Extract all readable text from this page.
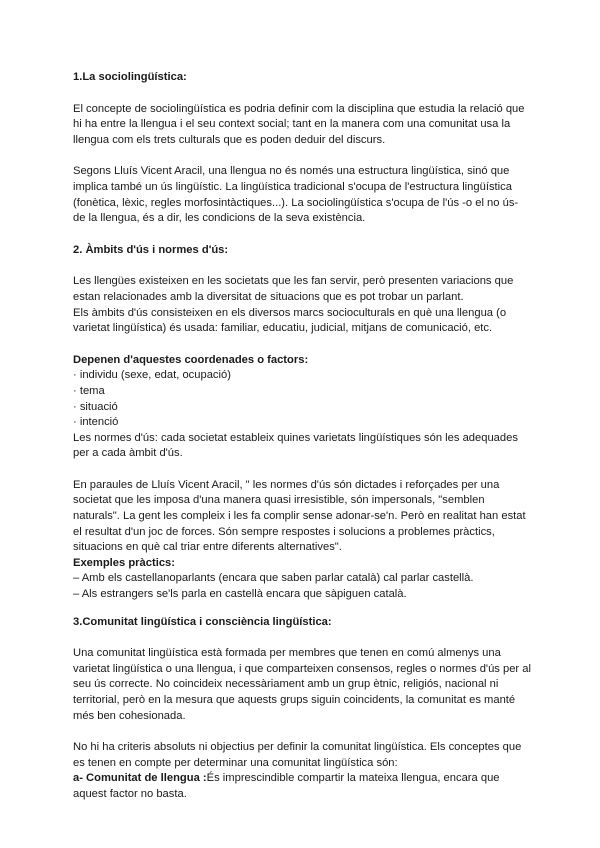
1.La sociolingüística:

El concepte de sociolingüística es podria definir com la disciplina que estudia la relació que
hi ha entre la llengua i el seu context social; tant en la manera com una comunitat usa la
llengua com els trets culturals que es poden deduir del discurs.

Segons Lluís Vicent Aracil, una llengua no és només una estructura lingüística, sinó que
implica també un ús lingüístic. La lingüística tradicional s'ocupa de l'estructura lingüística
(fonètica, lèxic, regles morfosintàctiques...). La sociolingüística s'ocupa de l'ús -o el no ús-
de la llengua, és a dir, les condicions de la seva existència.

2. Àmbits d'ús i normes d'ús:

Les llengües existeixen en les societats que les fan servir, però presenten variacions que
estan relacionades amb la diversitat de situacions que es pot trobar un parlant.
Els àmbits d'ús consisteixen en els diversos marcs socioculturals en què una llengua (o
varietat lingüística) és usada: familiar, educatiu, judicial, mitjans de comunicació, etc.

Depenen d'aquestes coordenades o factors:
· individu (sexe, edat, ocupació)
· tema
· situació
· intenció
Les normes d'ús: cada societat estableix quines varietats lingüístiques són les adequades
per a cada àmbit d'ús.

En paraules de Lluís Vicent Aracil, " les normes d'ús són dictades i reforçades per una
societat que les imposa d'una manera quasi irresistible, són impersonals, "semblen
naturals". La gent les compleix i les fa complir sense adonar-se'n. Però en realitat han estat
el resultat d'un joc de forces. Són sempre respostes i solucions a problemes pràctics,
situacions en què cal triar entre diferents alternatives".
Exemples pràctics:
– Amb els castellanoparlants (encara que saben parlar català) cal parlar castellà.
– Als estrangers se'ls parla en castellà encara que sàpiguen català.

3.Comunitat lingüística i consciència lingüística:

Una comunitat lingüística està formada per membres que tenen en comú almenys una
varietat lingüística o una llengua, i que comparteixen consensos, regles o normes d'ús per al
seu ús correcte. No coincideix necessàriament amb un grup ètnic, religiós, nacional ni
territorial, però en la mesura que aquests grups siguin coincidents, la comunitat es manté
més ben cohesionada.

No hi ha criteris absoluts ni objectius per definir la comunitat lingüística. Els conceptes que
es tenen en compte per determinar una comunitat lingüística són:
a- Comunitat de llengua :És imprescindible compartir la mateixa llengua, encara que
aquest factor no basta.
